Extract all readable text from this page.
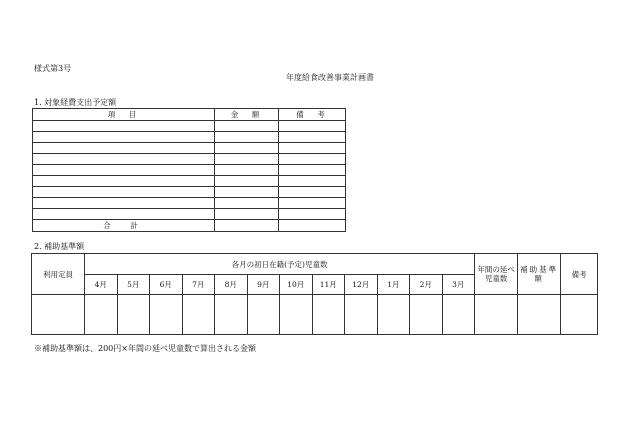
様式第3号
年度給食改善事業計画書
1. 対象経費支出予定額
項　目	金　額	備　考

合　計		
2. 補助基準額
利用定員	各月の初日在籍(予定)児童数												年間の延べ児童数	補助基準額	備考
	4月	5月	6月	7月	8月	9月	10月	11月	12月	1月	2月	3月			

※補助基準額は、200円×年間の延べ児童数で算出される金額
